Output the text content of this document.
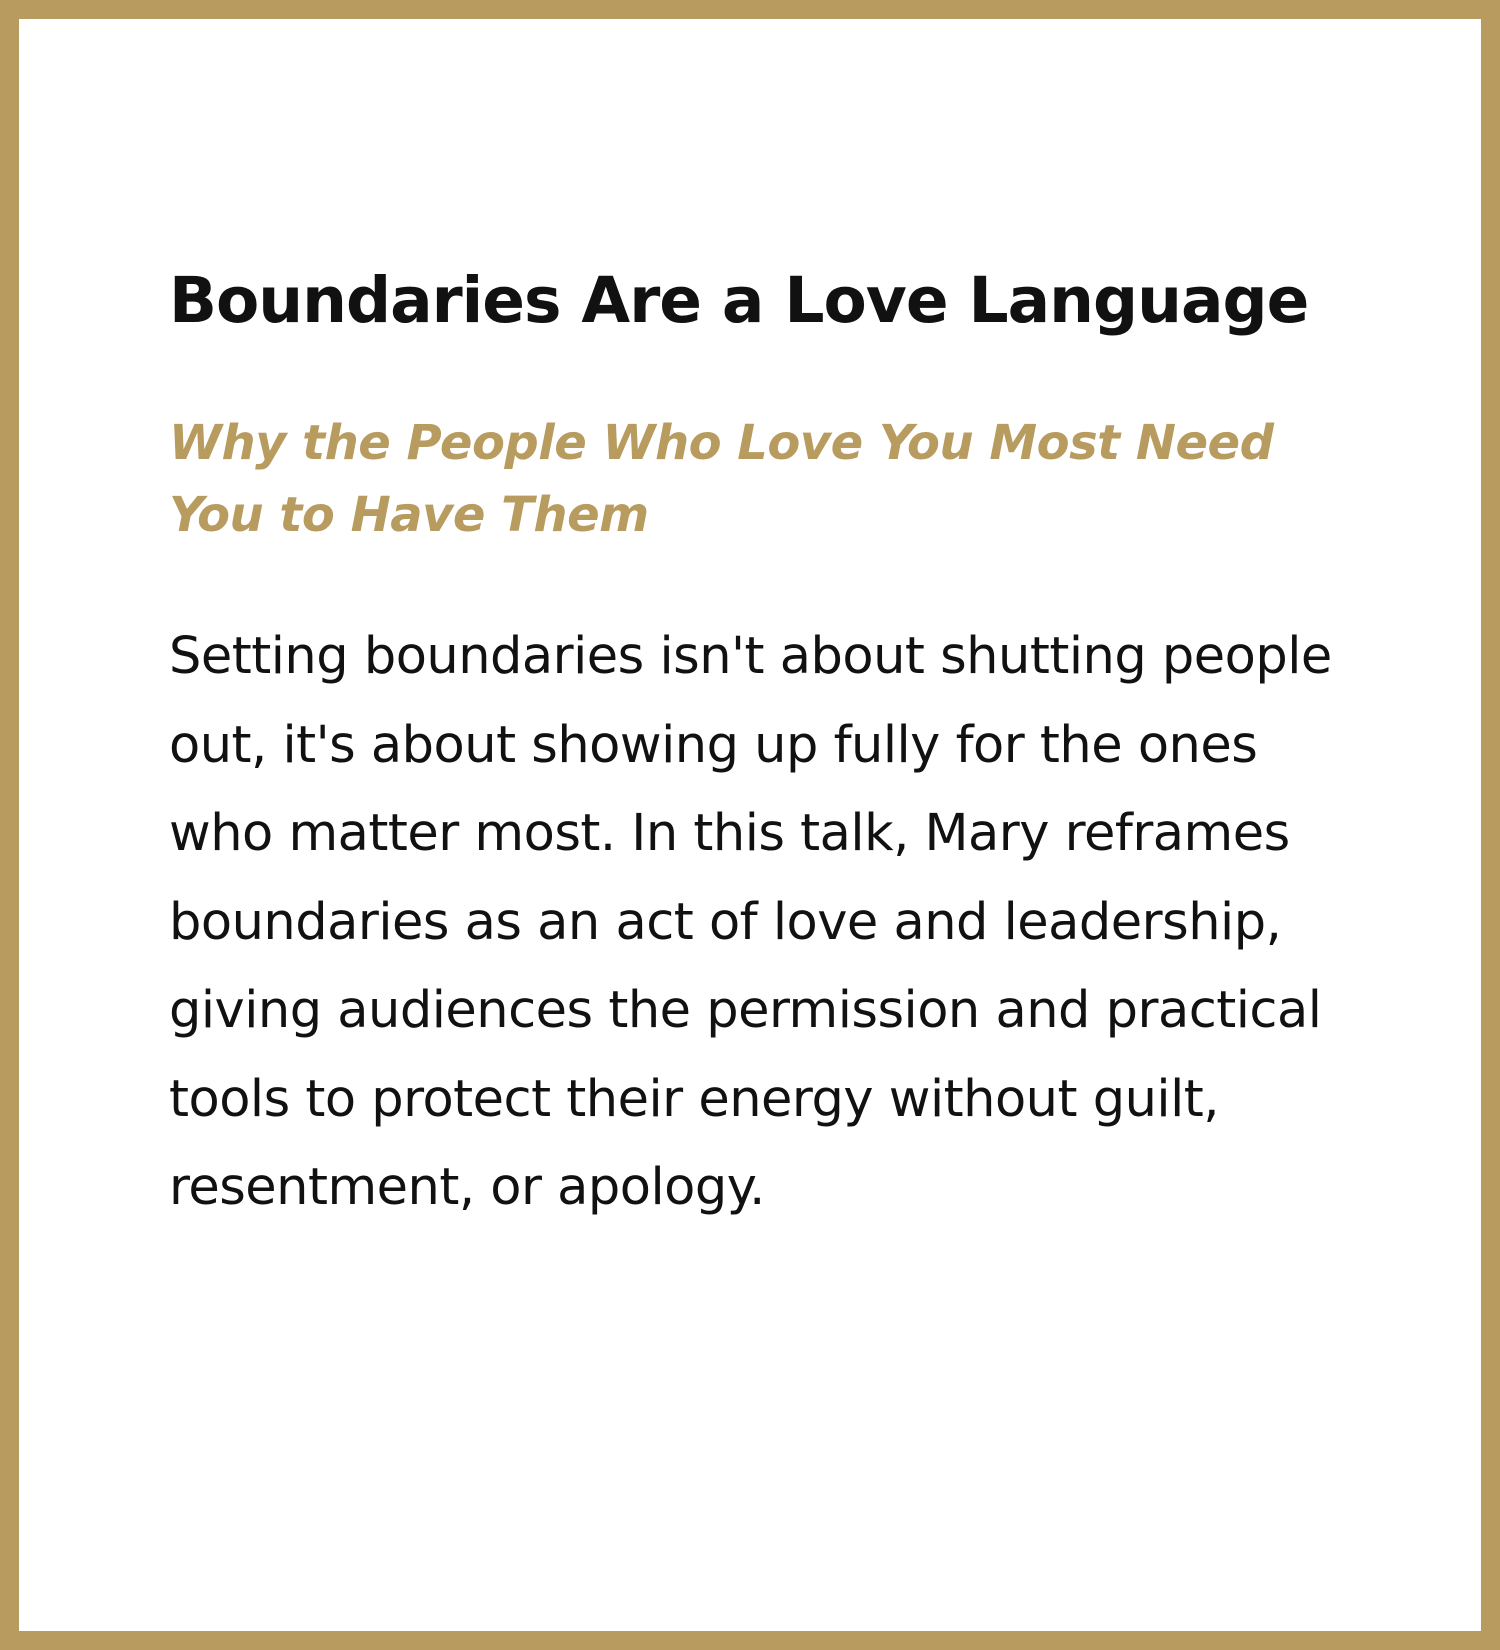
Boundaries Are a Love Language

Why the People Who Love You Most Need You to Have Them

Setting boundaries isn't about shutting people out, it's about showing up fully for the ones who matter most. In this talk, Mary reframes boundaries as an act of love and leadership, giving audiences the permission and practical tools to protect their energy without guilt, resentment, or apology.
